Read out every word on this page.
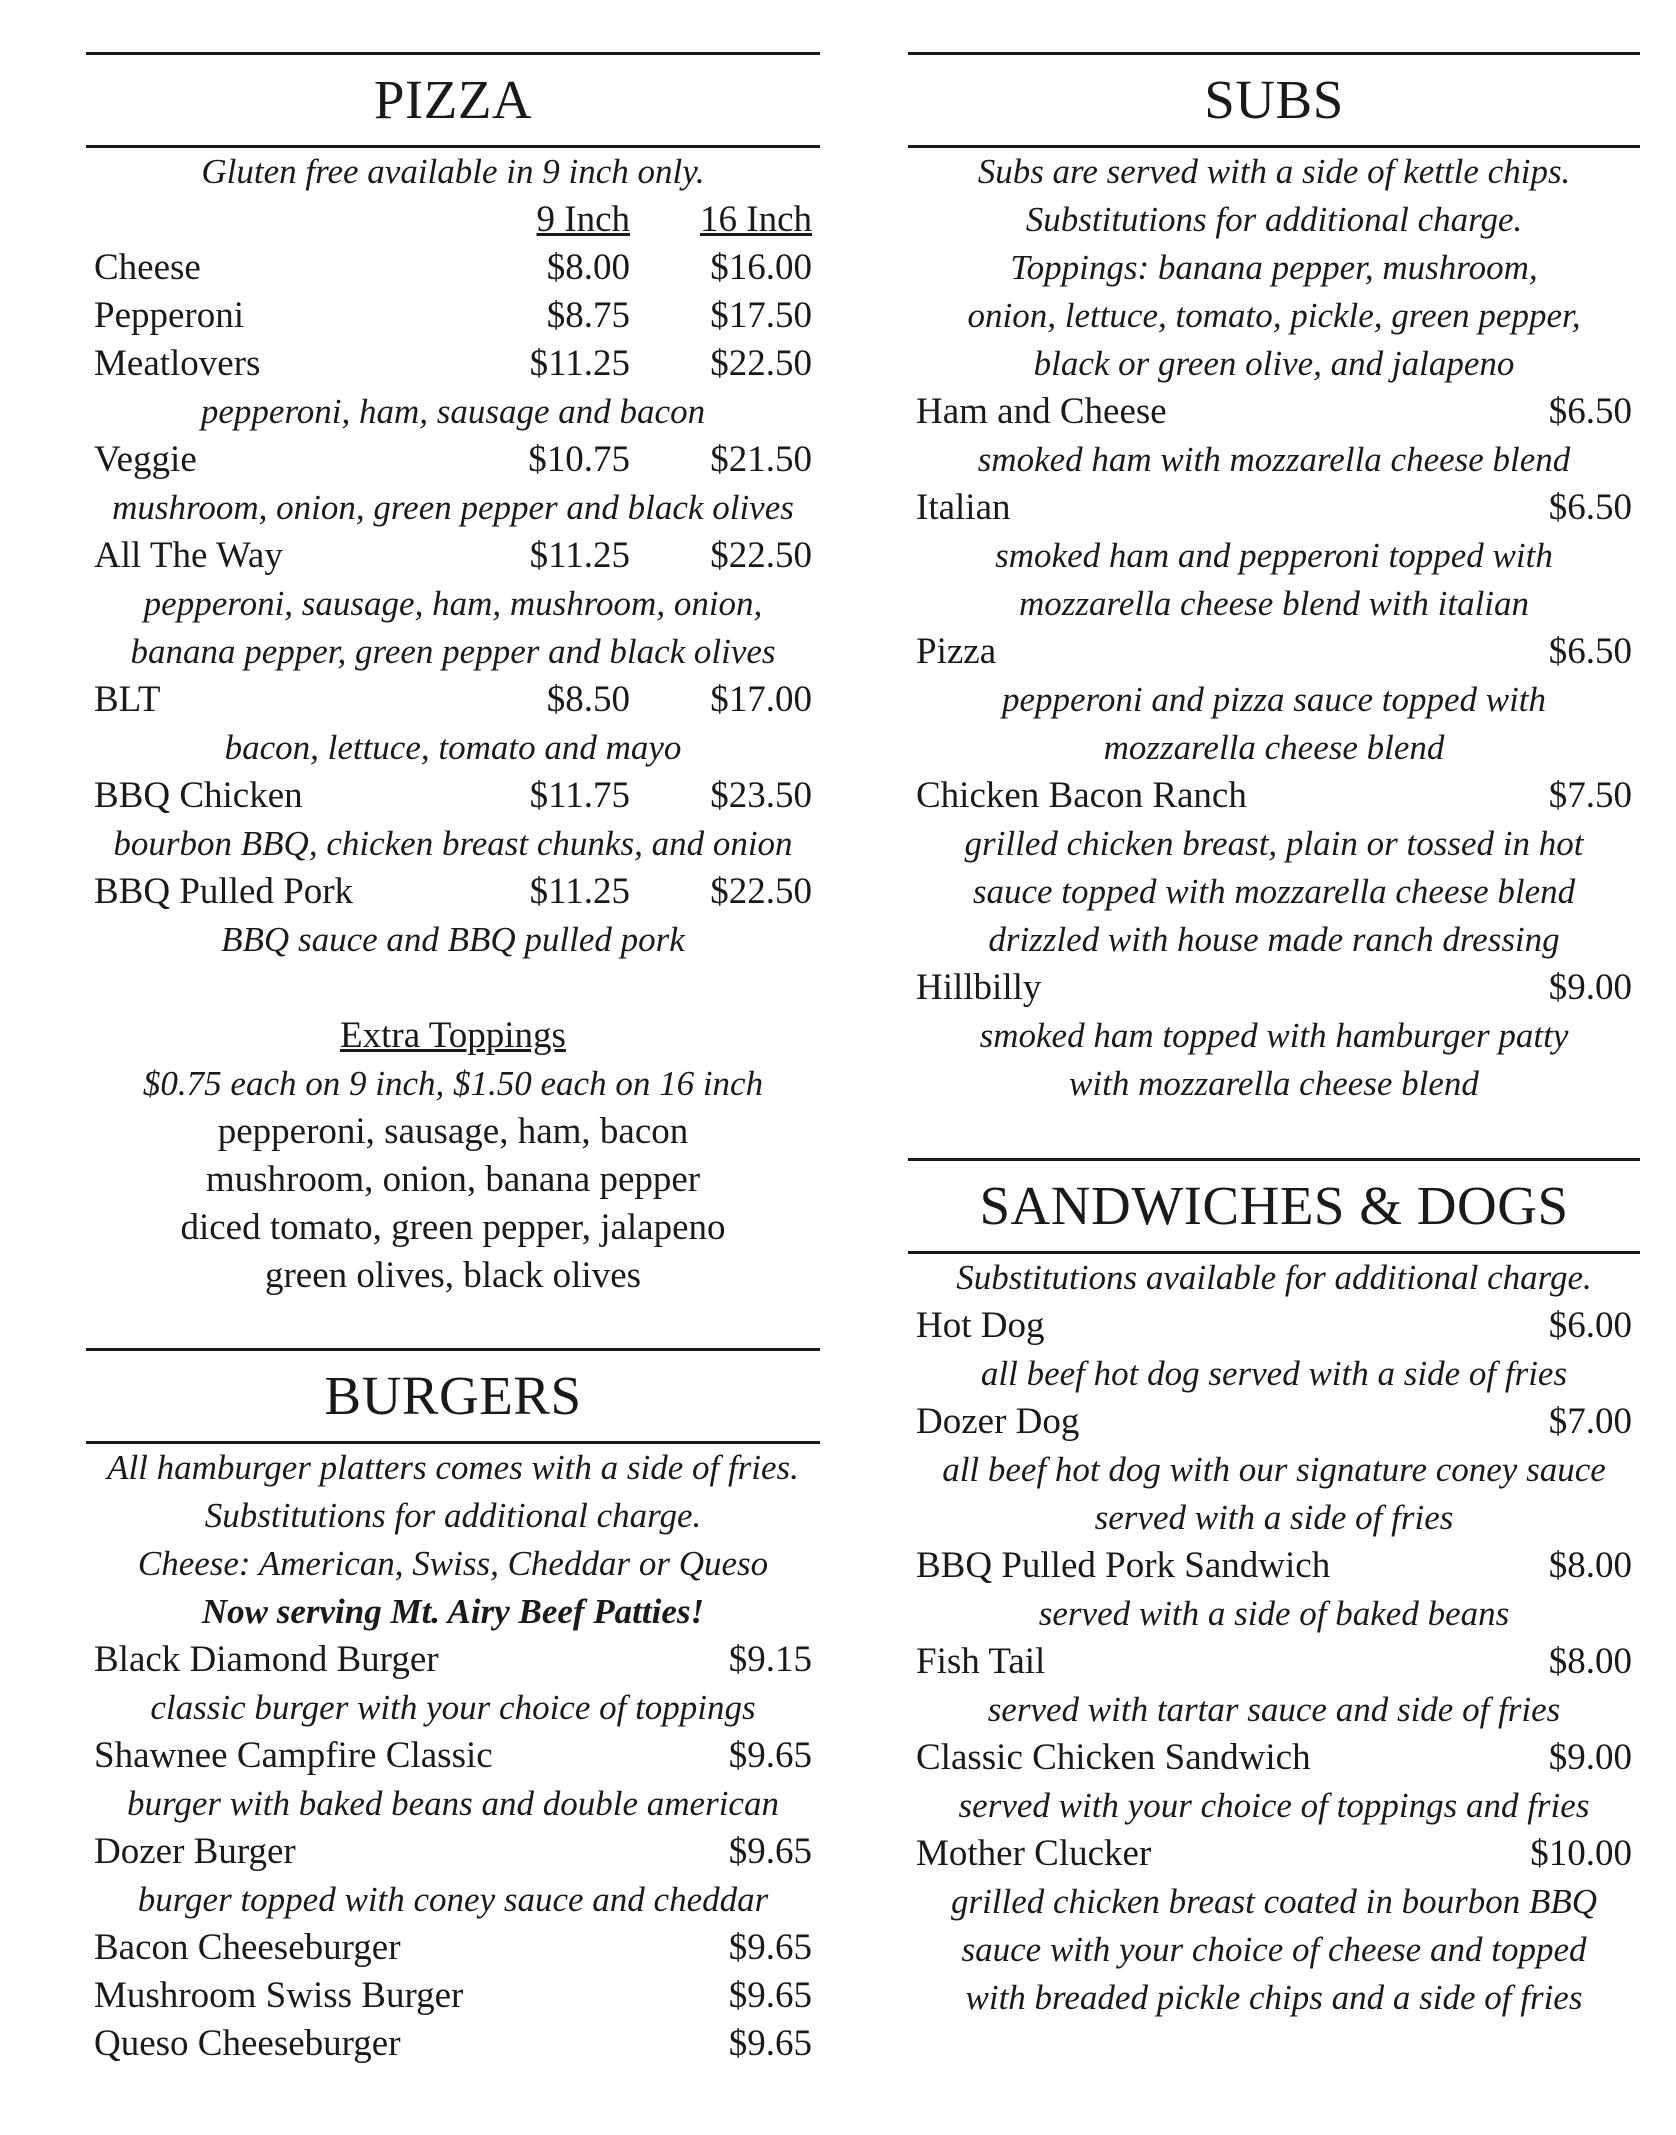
PIZZA
Gluten free available in 9 inch only.
9 Inch	16 Inch
Cheese	$8.00	$16.00
Pepperoni	$8.75	$17.50
Meatlovers	$11.25	$22.50
pepperoni, ham, sausage and bacon
Veggie	$10.75	$21.50
mushroom, onion, green pepper and black olives
All The Way	$11.25	$22.50
pepperoni, sausage, ham, mushroom, onion,
banana pepper, green pepper and black olives
BLT	$8.50	$17.00
bacon, lettuce, tomato and mayo
BBQ Chicken	$11.75	$23.50
bourbon BBQ, chicken breast chunks, and onion
BBQ Pulled Pork	$11.25	$22.50
BBQ sauce and BBQ pulled pork
Extra Toppings
$0.75 each on 9 inch, $1.50 each on 16 inch
pepperoni, sausage, ham, bacon
mushroom, onion, banana pepper
diced tomato, green pepper, jalapeno
green olives, black olives
BURGERS
All hamburger platters comes with a side of fries.
Substitutions for additional charge.
Cheese: American, Swiss, Cheddar or Queso
Now serving Mt. Airy Beef Patties!
Black Diamond Burger	$9.15
classic burger with your choice of toppings
Shawnee Campfire Classic	$9.65
burger with baked beans and double american
Dozer Burger	$9.65
burger topped with coney sauce and cheddar
Bacon Cheeseburger	$9.65
Mushroom Swiss Burger	$9.65
Queso Cheeseburger	$9.65
SUBS
Subs are served with a side of kettle chips.
Substitutions for additional charge.
Toppings: banana pepper, mushroom,
onion, lettuce, tomato, pickle, green pepper,
black or green olive, and jalapeno
Ham and Cheese	$6.50
smoked ham with mozzarella cheese blend
Italian	$6.50
smoked ham and pepperoni topped with
mozzarella cheese blend with italian
Pizza	$6.50
pepperoni and pizza sauce topped with
mozzarella cheese blend
Chicken Bacon Ranch	$7.50
grilled chicken breast, plain or tossed in hot
sauce topped with mozzarella cheese blend
drizzled with house made ranch dressing
Hillbilly	$9.00
smoked ham topped with hamburger patty
with mozzarella cheese blend
SANDWICHES & DOGS
Substitutions available for additional charge.
Hot Dog	$6.00
all beef hot dog served with a side of fries
Dozer Dog	$7.00
all beef hot dog with our signature coney sauce
served with a side of fries
BBQ Pulled Pork Sandwich	$8.00
served with a side of baked beans
Fish Tail	$8.00
served with tartar sauce and side of fries
Classic Chicken Sandwich	$9.00
served with your choice of toppings and fries
Mother Clucker	$10.00
grilled chicken breast coated in bourbon BBQ
sauce with your choice of cheese and topped
with breaded pickle chips and a side of fries
